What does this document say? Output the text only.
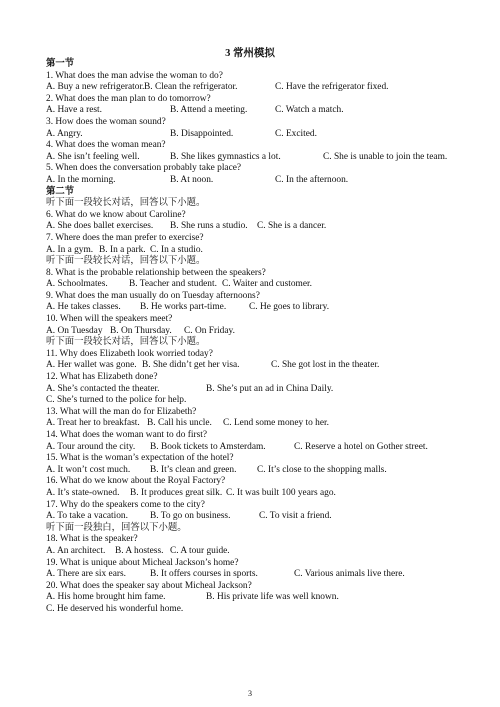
3 常州模拟
第一节
1. What does the man advise the woman to do?
A. Buy a new refrigerator. B. Clean the refrigerator.	C. Have the refrigerator fixed.
2. What does the man plan to do tomorrow?
A. Have a rest.	B. Attend a meeting.	C. Watch a match.
3. How does the woman sound?
A. Angry.	B. Disappointed.	C. Excited.
4. What does the woman mean?
A. She isn’t feeling well.	B. She likes gymnastics a lot.	C. She is unable to join the team.
5. When does the conversation probably take place?
A. In the morning.	B. At noon.	C. In the afternoon.
第二节
听下面一段较长对话，回答以下小题。
6. What do we know about Caroline?
A. She does ballet exercises. B. She runs a studio. C. She is a dancer.
7. Where does the man prefer to exercise?
A. In a gym. B. In a park. C. In a studio.
听下面一段较长对话，回答以下小题。
8. What is the probable relationship between the speakers?
A. Schoolmates. B. Teacher and student. C. Waiter and customer.
9. What does the man usually do on Tuesday afternoons?
A. He takes classes. B. He works part-time. C. He goes to library.
10. When will the speakers meet?
A. On Tuesday B. On Thursday. C. On Friday.
听下面一段较长对话，回答以下小题。
11. Why does Elizabeth look worried today?
A. Her wallet was gone. B. She didn’t get her visa.	C. She got lost in the theater.
12. What has Elizabeth done?
A. She’s contacted the theater.	B. She’s put an ad in China Daily.
C. She’s turned to the police for help.
13. What will the man do for Elizabeth?
A. Treat her to breakfast. B. Call his uncle. C. Lend some money to her.
14. What does the woman want to do first?
A. Tour around the city. B. Book tickets to Amsterdam.	C. Reserve a hotel on Gother street.
15. What is the woman’s expectation of the hotel?
A. It won’t cost much. B. It’s clean and green. C. It’s close to the shopping malls.
16. What do we know about the Royal Factory?
A. It’s state-owned. B. It produces great silk. C. It was built 100 years ago.
17. Why do the speakers come to the city?
A. To take a vacation. B. To go on business.	C. To visit a friend.
听下面一段独白，回答以下小题。
18. What is the speaker?
A. An architect. B. A hostess. C. A tour guide.
19. What is unique about Micheal Jackson’s home?
A. There are six ears.	B. It offers courses in sports.	C. Various animals live there.
20. What does the speaker say about Micheal Jackson?
A. His home brought him fame.	B. His private life was well known.
C. He deserved his wonderful home.
3
